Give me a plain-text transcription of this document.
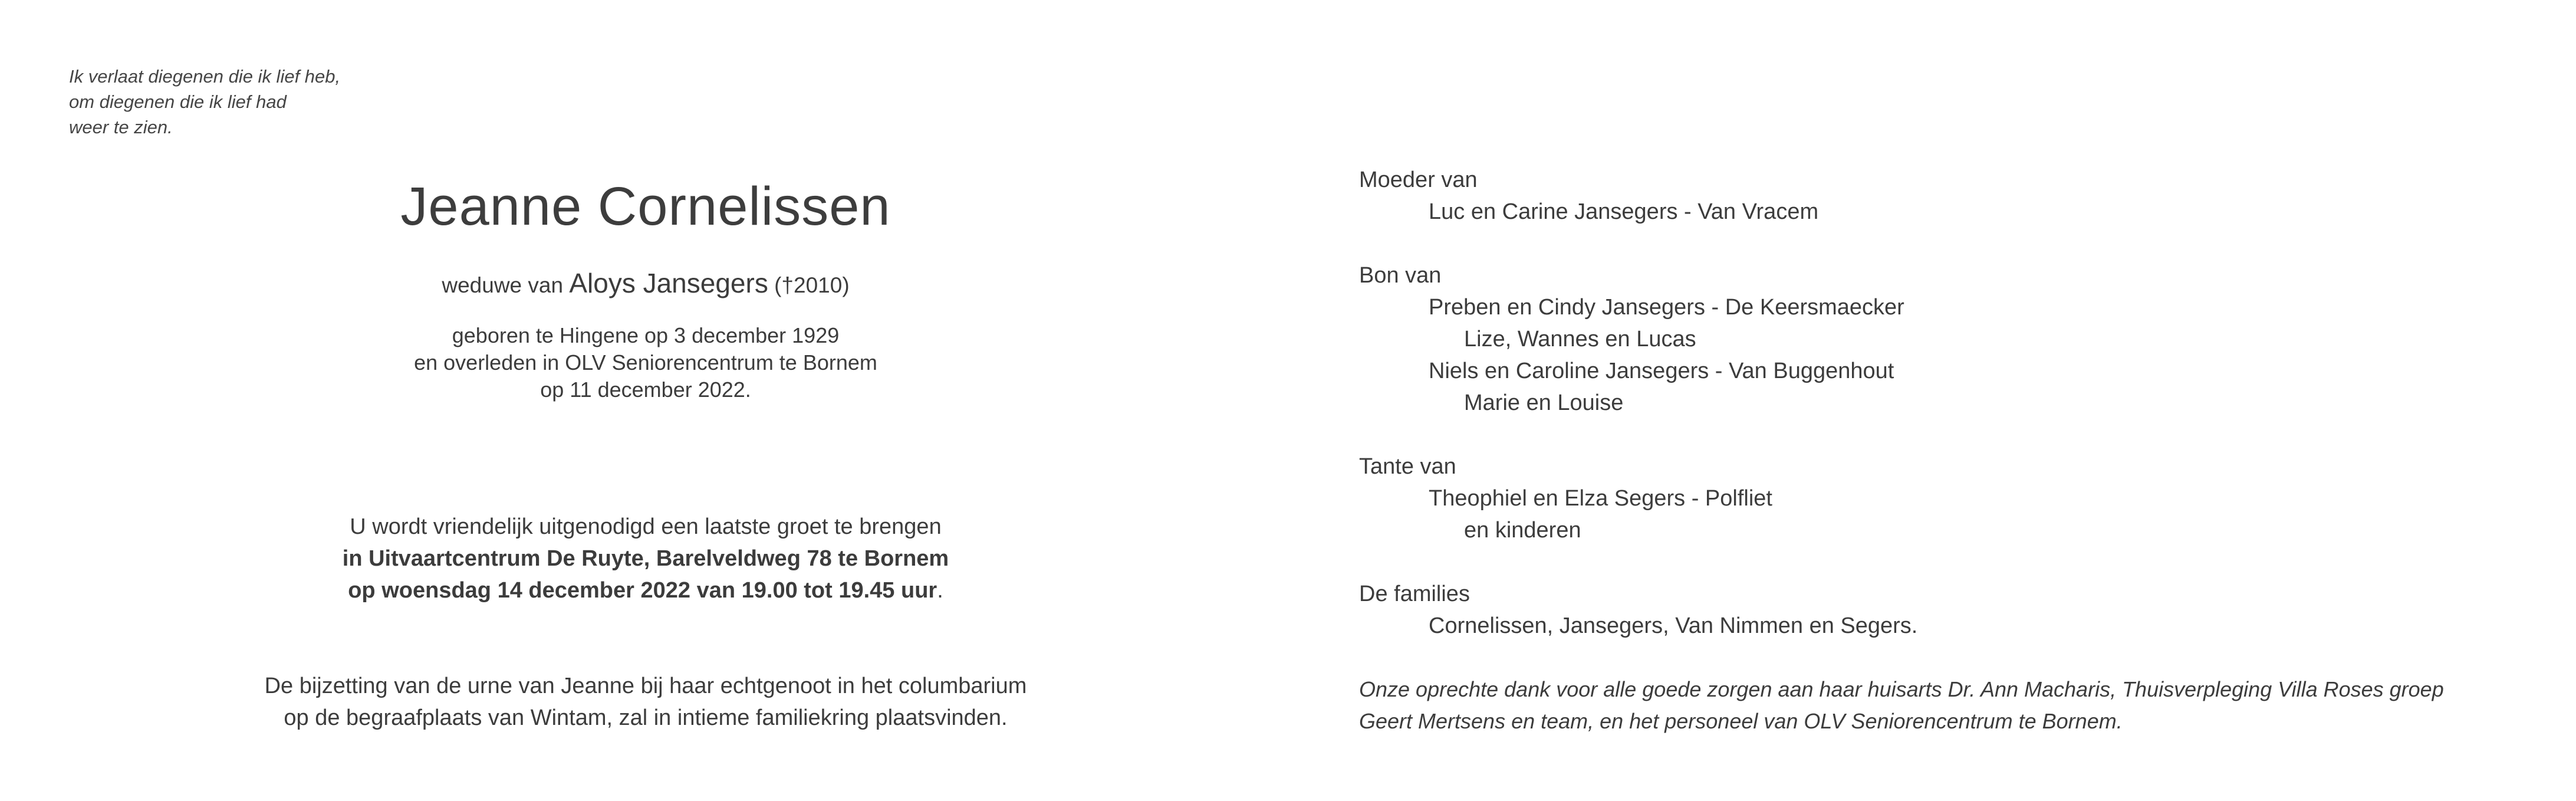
Ik verlaat diegenen die ik lief heb,
om diegenen die ik lief had
weer te zien.
Jeanne Cornelissen
weduwe van Aloys Jansegers (†2010)
geboren te Hingene op 3 december 1929
en overleden in OLV Seniorencentrum te Bornem
op 11 december 2022.
U wordt vriendelijk uitgenodigd een laatste groet te brengen
in Uitvaartcentrum De Ruyte, Barelveldweg 78 te Bornem
op woensdag 14 december 2022 van 19.00 tot 19.45 uur.
De bijzetting van de urne van Jeanne bij haar echtgenoot in het columbarium
op de begraafplaats van Wintam, zal in intieme familiekring plaatsvinden.
Moeder van
Luc en Carine Jansegers - Van Vracem
Bon van
Preben en Cindy Jansegers - De Keersmaecker
Lize, Wannes en Lucas
Niels en Caroline Jansegers - Van Buggenhout
Marie en Louise
Tante van
Theophiel en Elza Segers - Polfliet
en kinderen
De families
Cornelissen, Jansegers, Van Nimmen en Segers.
Onze oprechte dank voor alle goede zorgen aan haar huisarts Dr. Ann Macharis, Thuisverpleging Villa Roses groep
Geert Mertsens en team, en het personeel van OLV Seniorencentrum te Bornem.
